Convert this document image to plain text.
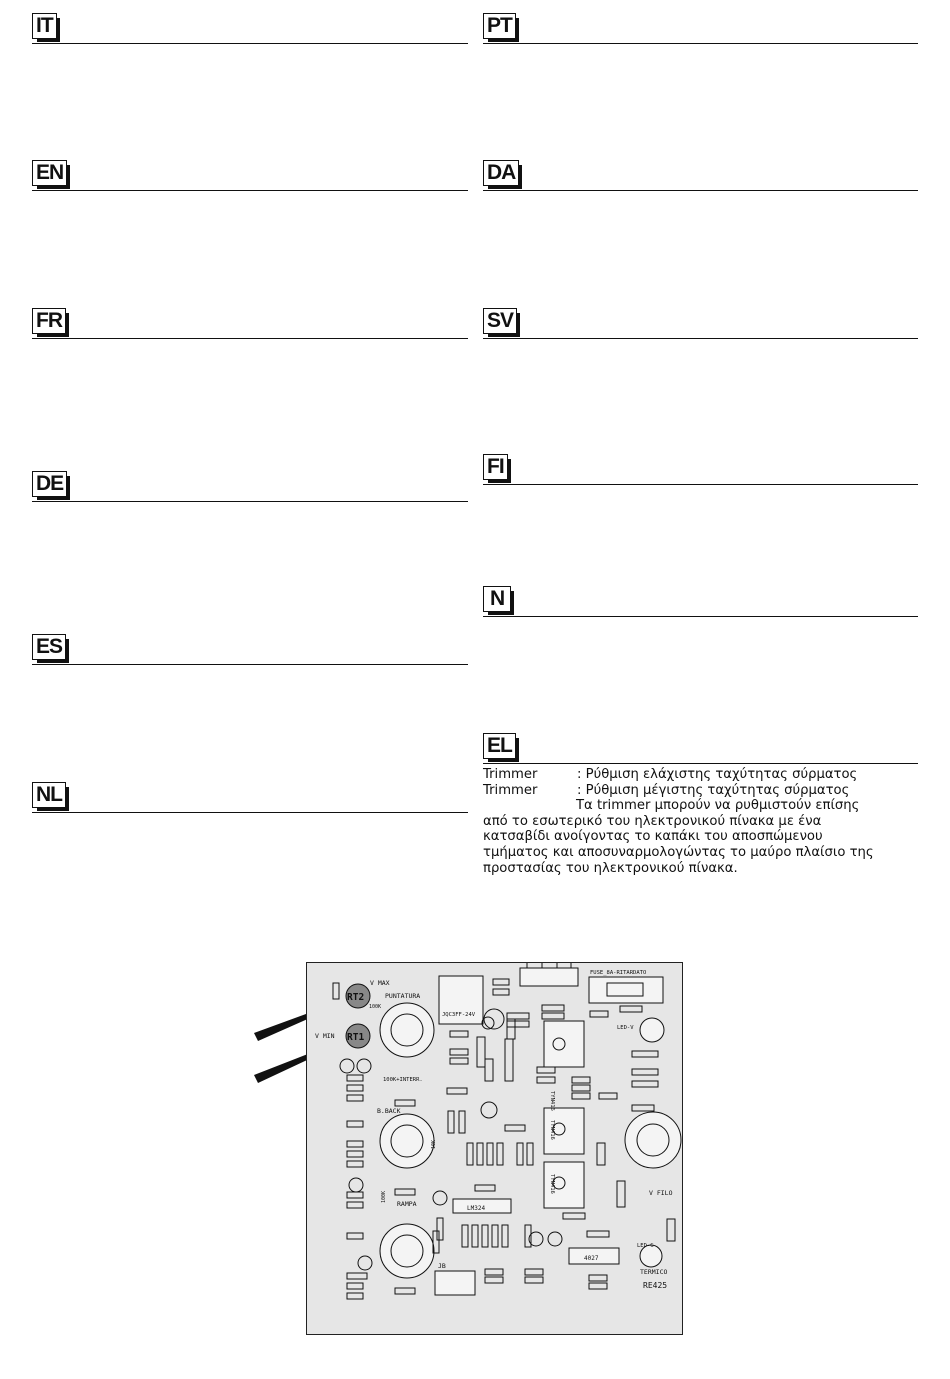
IT
EN
FR
DE
ES
NL
PT
DA
SV
FI
N
EL
Trimmer	: Ρύθμιση ελάχιστης ταχύτητας σύρματος
Trimmer	: Ρύθμιση μέγιστης ταχύτητας σύρματος
Τα trimmer μπορούν να ρυθμιστούν επίσης
από το εσωτερικό του ηλεκτρονικού πίνακα με ένα
κατσαβίδι ανοίγοντας το καπάκι του αποσπώμενου
τμήματος και αποσυναρμολογώντας το μαύρο πλαίσιο της
προστασίας του ηλεκτρονικού πίνακα.
RT2
RT1
V MAX
V MIN
PUNTATURA
B.BACK
RAMPA
V FILO
TERMICO
RE425
JQC3FF-24V
FUSE_8A-RITARDATO
LED-V
LED-G
LM324
4027
TYN416
TYN416
TYN416
100K+INTERR.
JB
100K
10K
100K
